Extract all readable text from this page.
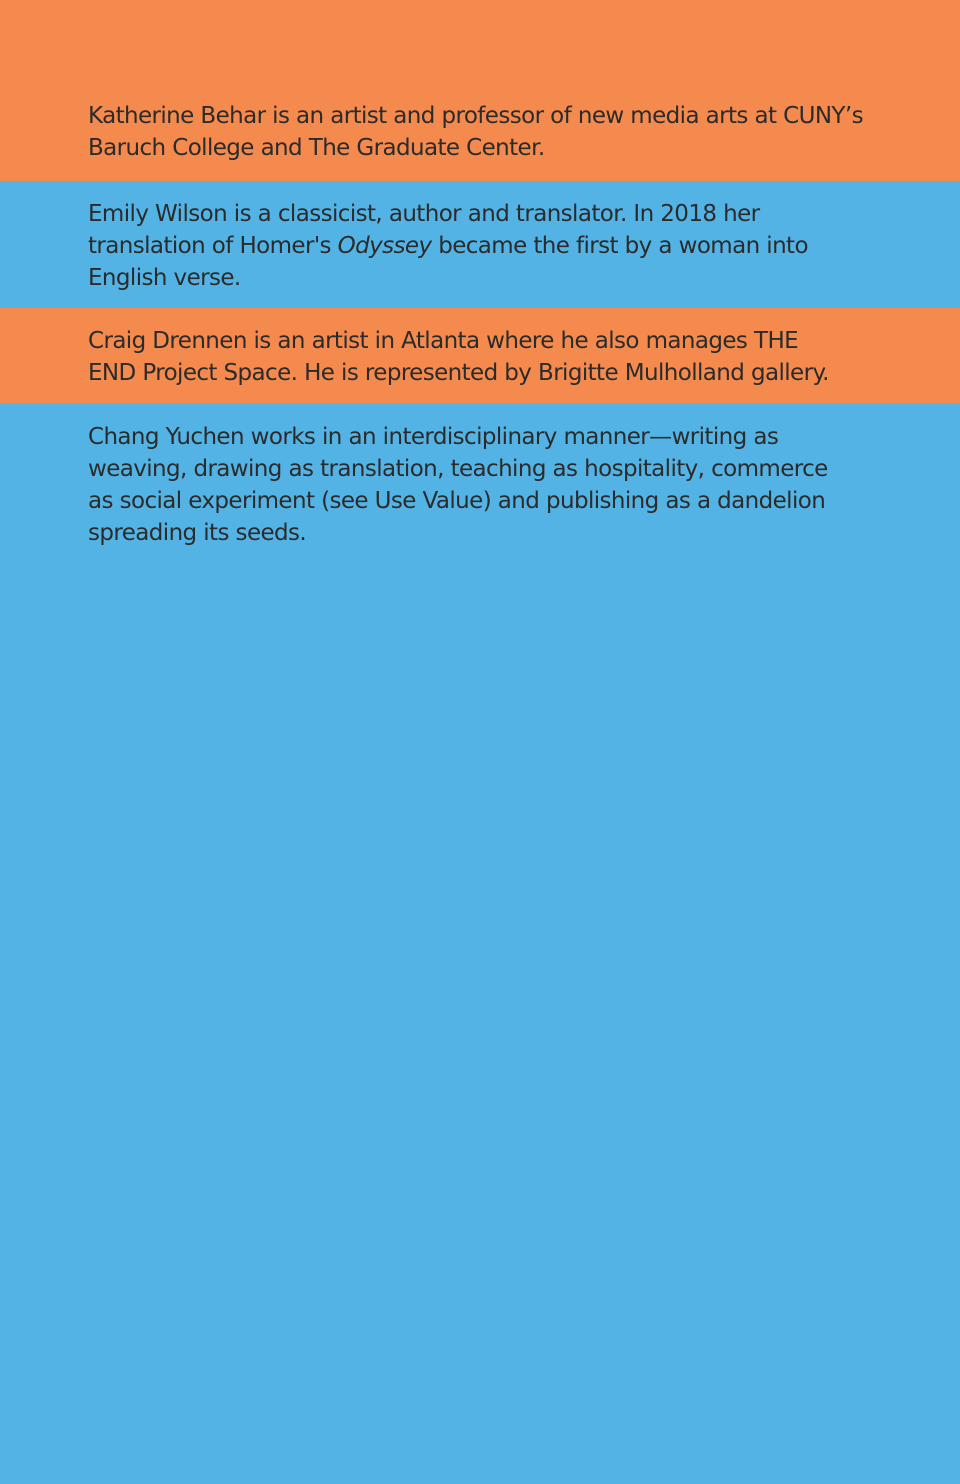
Katherine Behar is an artist and professor of new media arts at CUNY’s
Baruch College and The Graduate Center.

Emily Wilson is a classicist, author and translator. In 2018 her
translation of Homer's Odyssey became the first by a woman into
English verse.

Craig Drennen is an artist in Atlanta where he also manages THE
END Project Space. He is represented by Brigitte Mulholland gallery.

Chang Yuchen works in an interdisciplinary manner—writing as
weaving, drawing as translation, teaching as hospitality, commerce
as social experiment (see Use Value) and publishing as a dandelion
spreading its seeds.
